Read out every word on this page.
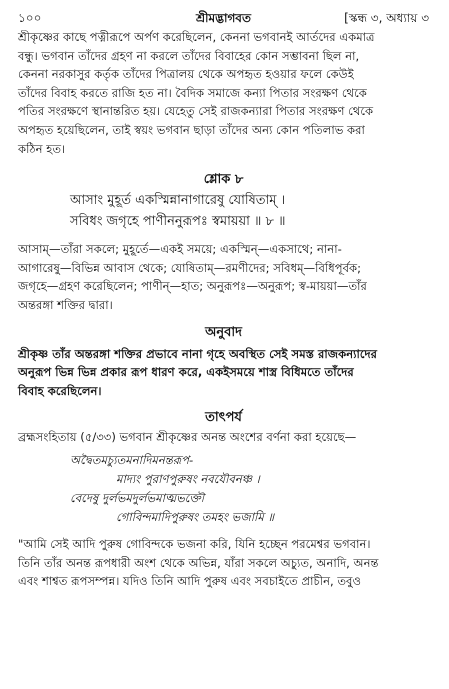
১০০	শ্রীমদ্ভাগবত	[স্কন্ধ ৩, অধ্যায় ৩

শ্রীকৃষ্ণের কাছে পত্নীরূপে অর্পণ করেছিলেন, কেননা ভগবানই আর্তদের একমাত্র

বন্ধু। ভগবান তাঁদের গ্রহণ না করলে তাঁদের বিবাহের কোন সম্ভাবনা ছিল না,

কেননা নরকাসুর কর্তৃক তাঁদের পিত্রালয় থেকে অপহৃত হওয়ার ফলে কেউই

তাঁদের বিবাহ করতে রাজি হত না। বৈদিক সমাজে কন্যা পিতার সংরক্ষণ থেকে

পতির সংরক্ষণে স্থানান্তরিত হয়। যেহেতু সেই রাজকন্যারা পিতার সংরক্ষণ থেকে

অপহৃত হয়েছিলেন, তাই স্বয়ং ভগবান ছাড়া তাঁদের অন্য কোন পতিলাভ করা

কঠিন হত।

শ্লোক ৮

আসাং মুহূর্ত একস্মিন্নানাগারেষু যোষিতাম্ ।

সবিধং জগৃহে পাণীননুরূপঃ স্বমায়য়া ॥ ৮ ॥

আসাম্—তাঁরা সকলে; মুহূর্তে—একই সময়ে; একস্মিন্—একসাথে; নানা-

আগারেষু—বিভিন্ন আবাস থেকে; যোষিতাম্—রমণীদের; সবিধম্—বিধিপূর্বক;

জগৃহে—গ্রহণ করেছিলেন; পাণীন্—হাত; অনুরূপঃ—অনুরূপ; স্ব-মায়য়া—তাঁর

অন্তরঙ্গা শক্তির দ্বারা।

অনুবাদ

শ্রীকৃষ্ণ তাঁর অন্তরঙ্গা শক্তির প্রভাবে নানা গৃহে অবস্থিত সেই সমস্ত রাজকন্যাদের

অনুরূপ ভিন্ন ভিন্ন প্রকার রূপ ধারণ করে, একইসময়ে শাস্ত্র বিধিমতে তাঁদের

বিবাহ করেছিলেন।

তাৎপর্য

ব্রহ্মসংহিতায় (৫/৩৩) ভগবান শ্রীকৃষ্ণের অনন্ত অংশের বর্ণনা করা হয়েছে—

অদ্বৈতমচ্যুতমনাদিমনন্তরূপ-

মাদ্যং পুরাণপুরুষং নবযৌবনঞ্চ ।

বেদেষু দুর্লভমদুর্লভমাত্মভক্তৌ

গোবিন্দমাদিপুরুষং তমহং ভজামি ॥

"আমি সেই আদি পুরুষ গোবিন্দকে ভজনা করি, যিনি হচ্ছেন পরমেশ্বর ভগবান।

তিনি তাঁর অনন্ত রূপধারী অংশ থেকে অভিন্ন, যাঁরা সকলে অচ্যুত, অনাদি, অনন্ত

এবং শাশ্বত রূপসম্পন্ন। যদিও তিনি আদি পুরুষ এবং সবচাইতে প্রাচীন, তবুও
